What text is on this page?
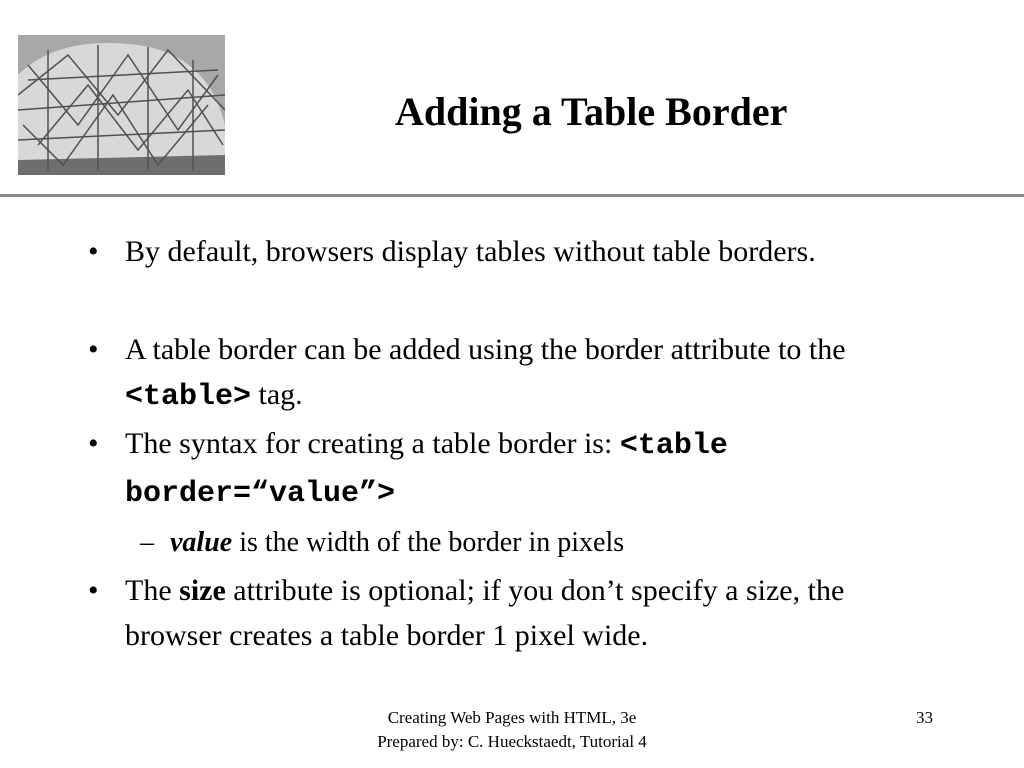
Adding a Table Border
• By default, browsers display tables without table borders.
• A table border can be added using the border attribute to the <table> tag.
• The syntax for creating a table border is: <table border=“value”>
– value is the width of the border in pixels
• The size attribute is optional; if you don’t specify a size, the browser creates a table border 1 pixel wide.
Creating Web Pages with HTML, 3e
Prepared by: C. Hueckstaedt, Tutorial 4
33
